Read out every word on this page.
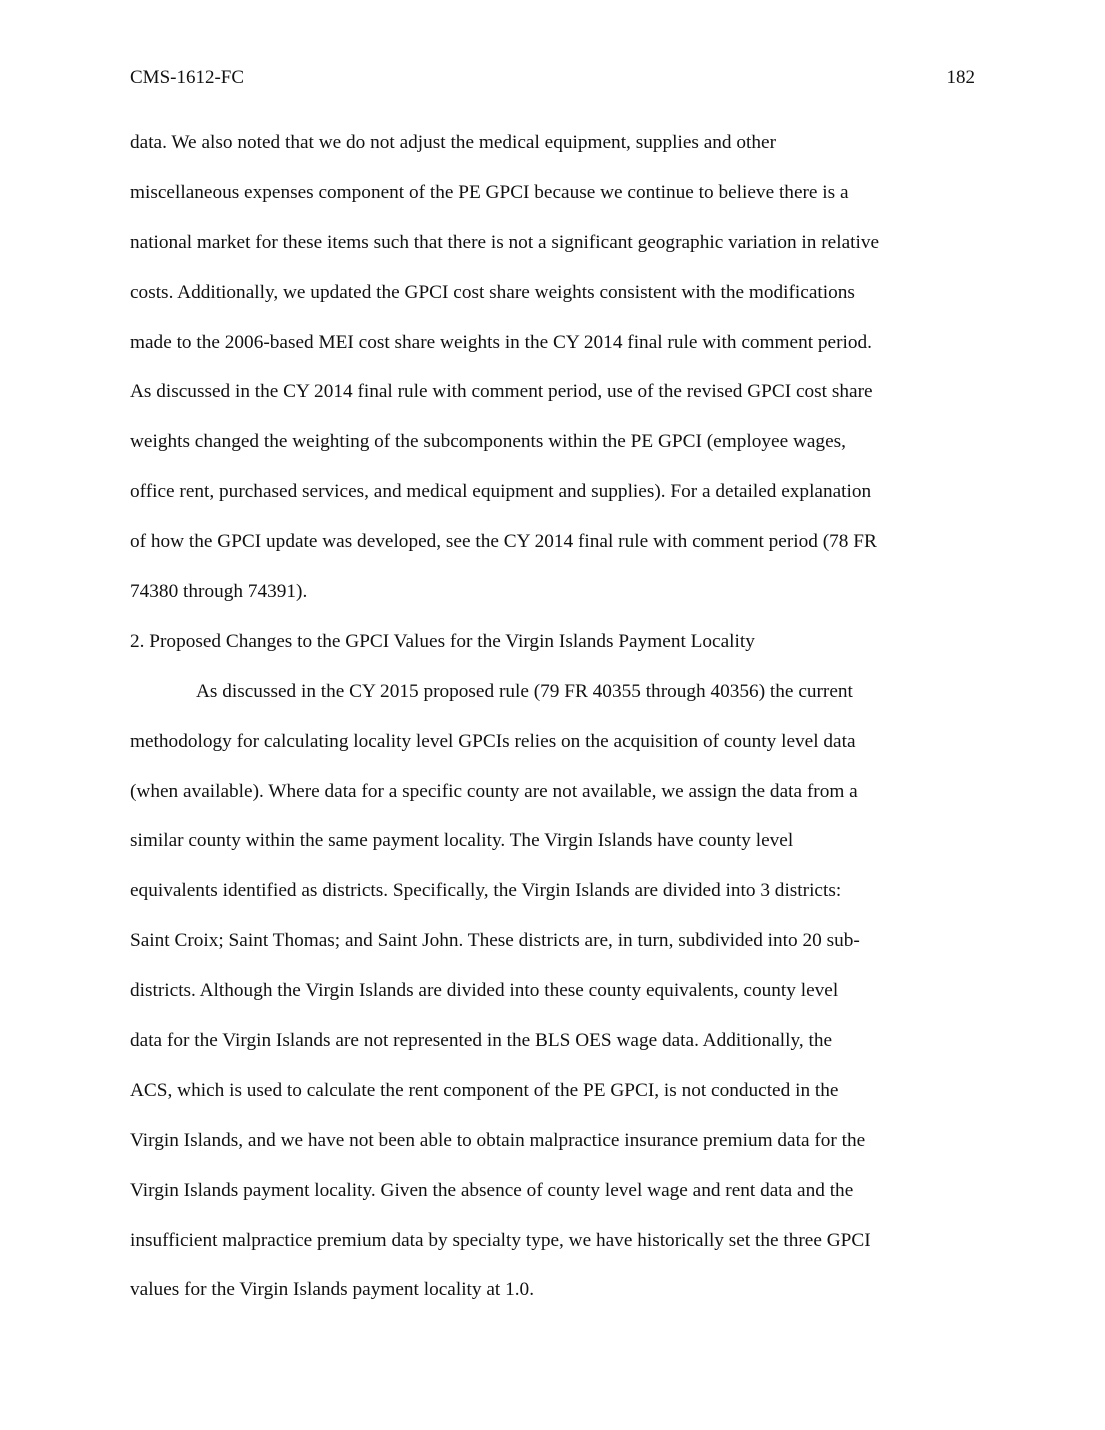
CMS-1612-FC	182
data. We also noted that we do not adjust the medical equipment, supplies and other
miscellaneous expenses component of the PE GPCI because we continue to believe there is a
national market for these items such that there is not a significant geographic variation in relative
costs. Additionally, we updated the GPCI cost share weights consistent with the modifications
made to the 2006-based MEI cost share weights in the CY 2014 final rule with comment period.
As discussed in the CY 2014 final rule with comment period, use of the revised GPCI cost share
weights changed the weighting of the subcomponents within the PE GPCI (employee wages,
office rent, purchased services, and medical equipment and supplies). For a detailed explanation
of how the GPCI update was developed, see the CY 2014 final rule with comment period (78 FR
74380 through 74391).
2. Proposed Changes to the GPCI Values for the Virgin Islands Payment Locality
As discussed in the CY 2015 proposed rule (79 FR 40355 through 40356) the current
methodology for calculating locality level GPCIs relies on the acquisition of county level data
(when available). Where data for a specific county are not available, we assign the data from a
similar county within the same payment locality. The Virgin Islands have county level
equivalents identified as districts. Specifically, the Virgin Islands are divided into 3 districts:
Saint Croix; Saint Thomas; and Saint John. These districts are, in turn, subdivided into 20 sub-
districts. Although the Virgin Islands are divided into these county equivalents, county level
data for the Virgin Islands are not represented in the BLS OES wage data. Additionally, the
ACS, which is used to calculate the rent component of the PE GPCI, is not conducted in the
Virgin Islands, and we have not been able to obtain malpractice insurance premium data for the
Virgin Islands payment locality. Given the absence of county level wage and rent data and the
insufficient malpractice premium data by specialty type, we have historically set the three GPCI
values for the Virgin Islands payment locality at 1.0.
